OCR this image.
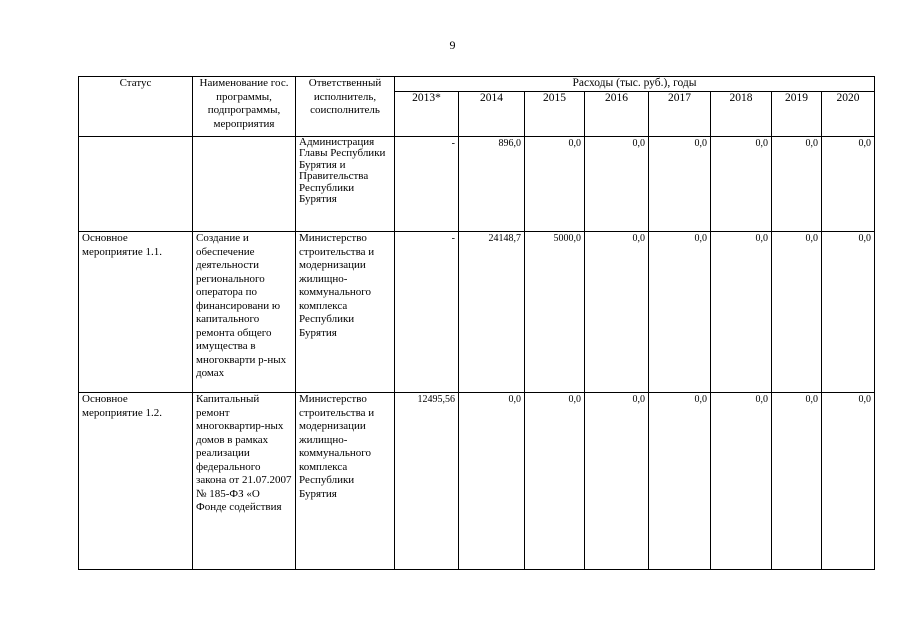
9
Статус	Наименование гос. программы, подпрограммы, мероприятия	Ответственный исполнитель, соисполнитель	Расходы (тыс. руб.), годы							
			2013*	2014	2015	2016	2017	2018	2019	2020
		Администрация Главы Республики Бурятия и Правительства Республики Бурятия	-	896,0	0,0	0,0	0,0	0,0	0,0	0,0
Основное мероприятие 1.1.	Создание и обеспечение деятельности регионального оператора по финансировани ю капитального ремонта общего имущества в многокварти р-ных домах	Министерство строительства и модернизации жилищно-коммунального комплекса Республики Бурятия	-	24148,7	5000,0	0,0	0,0	0,0	0,0	0,0
Основное мероприятие 1.2.	Капитальный ремонт многоквартир-ных домов в рамках реализации федерального закона от 21.07.2007 № 185-ФЗ «О Фонде содействия	Министерство строительства и модернизации жилищно-коммунального комплекса Республики Бурятия	12495,56	0,0	0,0	0,0	0,0	0,0	0,0	0,0
